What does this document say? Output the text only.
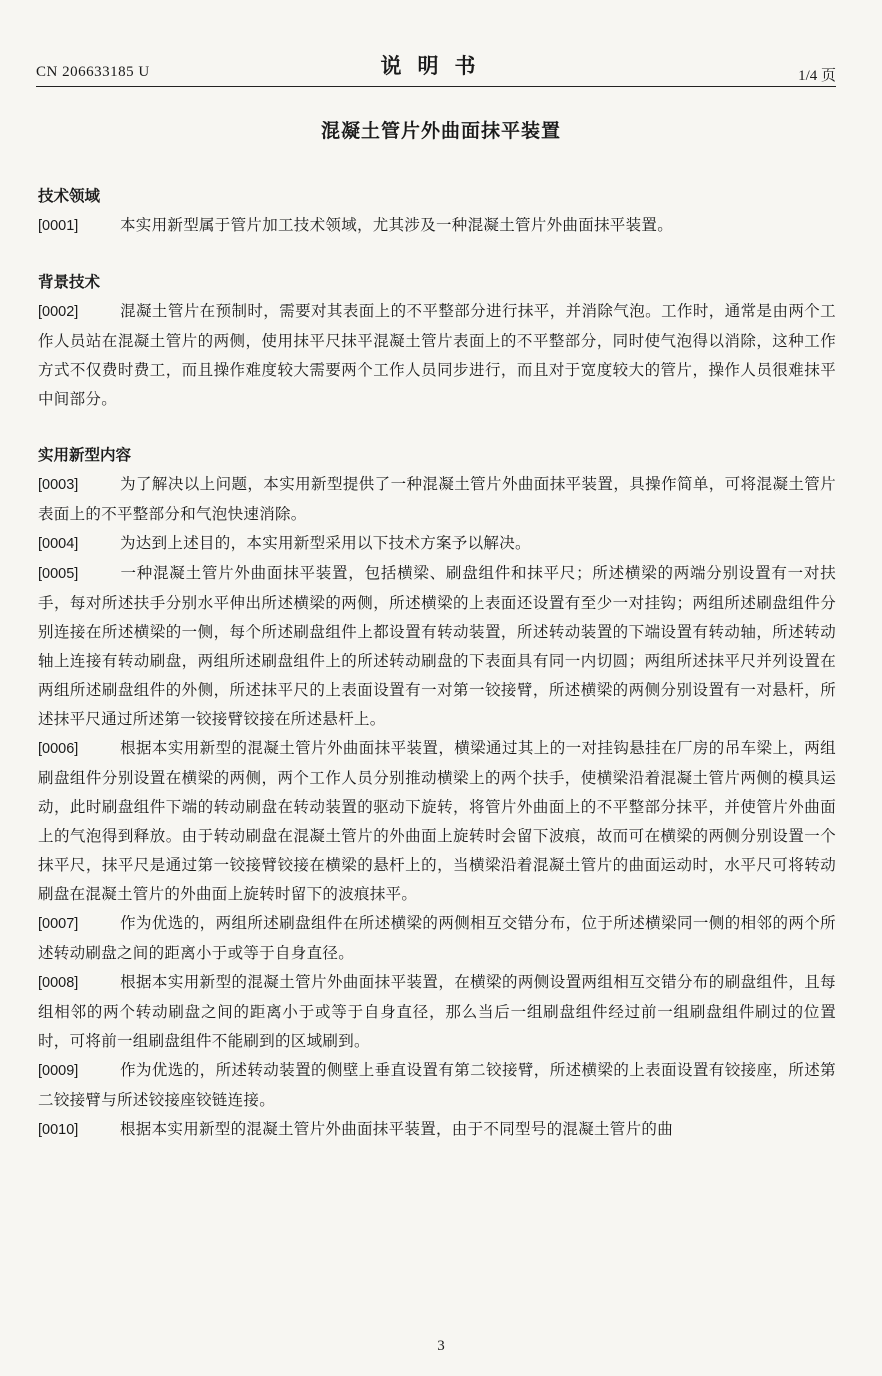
CN 206633185 U	说明书	1/4 页
混凝土管片外曲面抹平装置
技术领域

[0001]	本实用新型属于管片加工技术领域，尤其涉及一种混凝土管片外曲面抹平装置。

背景技术

[0002]	混凝土管片在预制时，需要对其表面上的不平整部分进行抹平，并消除气泡。工作时，通常是由两个工作人员站在混凝土管片的两侧，使用抹平尺抹平混凝土管片表面上的不平整部分，同时使气泡得以消除，这种工作方式不仅费时费工，而且操作难度较大需要两个工作人员同步进行，而且对于宽度较大的管片，操作人员很难抹平中间部分。

实用新型内容

[0003]	为了解决以上问题，本实用新型提供了一种混凝土管片外曲面抹平装置，具操作简单，可将混凝土管片表面上的不平整部分和气泡快速消除。

[0004]	为达到上述目的，本实用新型采用以下技术方案予以解决。

[0005]	一种混凝土管片外曲面抹平装置，包括横梁、刷盘组件和抹平尺；所述横梁的两端分别设置有一对扶手，每对所述扶手分别水平伸出所述横梁的两侧，所述横梁的上表面还设置有至少一对挂钩；两组所述刷盘组件分别连接在所述横梁的一侧，每个所述刷盘组件上都设置有转动装置，所述转动装置的下端设置有转动轴，所述转动轴上连接有转动刷盘，两组所述刷盘组件上的所述转动刷盘的下表面具有同一内切圆；两组所述抹平尺并列设置在两组所述刷盘组件的外侧，所述抹平尺的上表面设置有一对第一铰接臂，所述横梁的两侧分别设置有一对悬杆，所述抹平尺通过所述第一铰接臂铰接在所述悬杆上。

[0006]	根据本实用新型的混凝土管片外曲面抹平装置，横梁通过其上的一对挂钩悬挂在厂房的吊车梁上，两组刷盘组件分别设置在横梁的两侧，两个工作人员分别推动横梁上的两个扶手，使横梁沿着混凝土管片两侧的模具运动，此时刷盘组件下端的转动刷盘在转动装置的驱动下旋转，将管片外曲面上的不平整部分抹平，并使管片外曲面上的气泡得到释放。由于转动刷盘在混凝土管片的外曲面上旋转时会留下波痕，故而可在横梁的两侧分别设置一个抹平尺，抹平尺是通过第一铰接臂铰接在横梁的悬杆上的，当横梁沿着混凝土管片的曲面运动时，水平尺可将转动刷盘在混凝土管片的外曲面上旋转时留下的波痕抹平。

[0007]	作为优选的，两组所述刷盘组件在所述横梁的两侧相互交错分布，位于所述横梁同一侧的相邻的两个所述转动刷盘之间的距离小于或等于自身直径。

[0008]	根据本实用新型的混凝土管片外曲面抹平装置，在横梁的两侧设置两组相互交错分布的刷盘组件，且每组相邻的两个转动刷盘之间的距离小于或等于自身直径，那么当后一组刷盘组件经过前一组刷盘组件刷过的位置时，可将前一组刷盘组件不能刷到的区域刷到。

[0009]	作为优选的，所述转动装置的侧壁上垂直设置有第二铰接臂，所述横梁的上表面设置有铰接座，所述第二铰接臂与所述铰接座铰链连接。

[0010]	根据本实用新型的混凝土管片外曲面抹平装置，由于不同型号的混凝土管片的曲

3
